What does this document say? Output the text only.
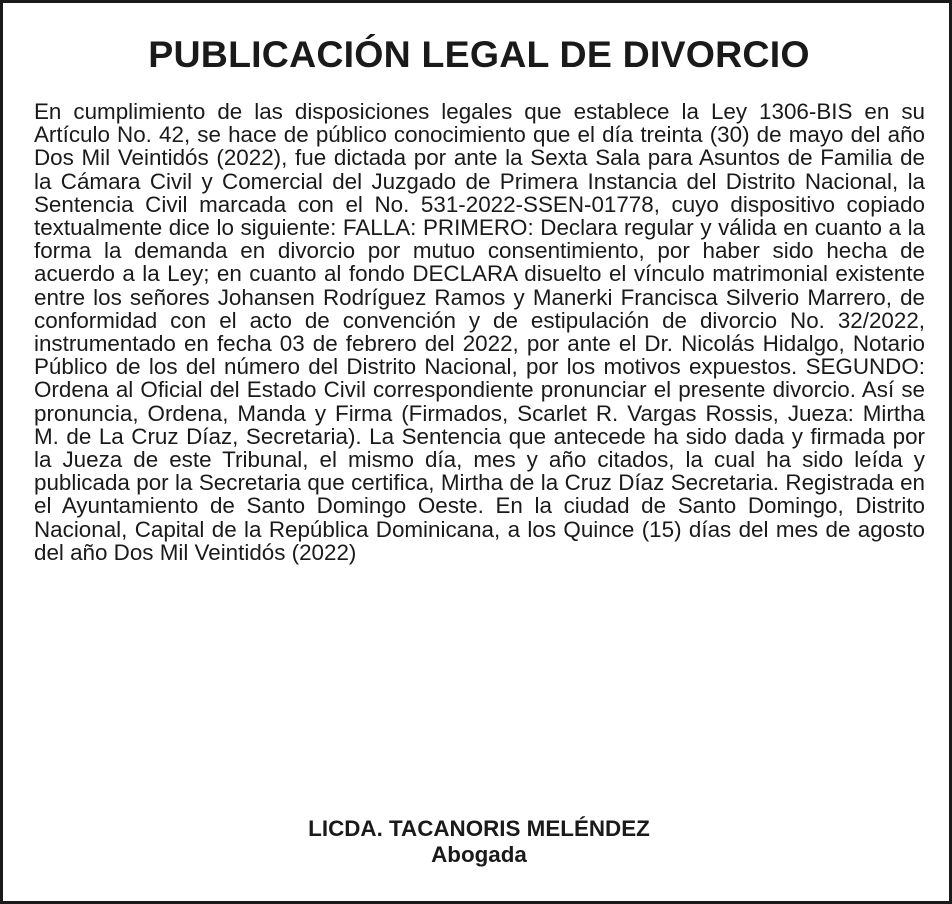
PUBLICACIÓN LEGAL DE DIVORCIO

En cumplimiento de las disposiciones legales que establece la Ley 1306-BIS en su Artículo No. 42, se hace de público conocimiento que el día treinta (30) de mayo del año Dos Mil Veintidós (2022), fue dictada por ante la Sexta Sala para Asuntos de Familia de la Cámara Civil y Comercial del Juzgado de Primera Instancia del Distrito Nacional, la Sentencia Civil marcada con el No. 531-2022-SSEN-01778, cuyo dispositivo copiado textualmente dice lo siguiente: FALLA: PRIMERO: Declara regular y válida en cuanto a la forma la demanda en divorcio por mutuo consentimiento, por haber sido hecha de acuerdo a la Ley; en cuanto al fondo DECLARA disuelto el vínculo matrimonial existente entre los señores Johansen Rodríguez Ramos y Manerki Francisca Silverio Marrero, de conformidad con el acto de convención y de estipulación de divorcio No. 32/2022, instrumentado en fecha 03 de febrero del 2022, por ante el Dr. Nicolás Hidalgo, Notario Público de los del número del Distrito Nacional, por los motivos expuestos. SEGUNDO: Ordena al Oficial del Estado Civil correspondiente pronunciar el presente divorcio. Así se pronuncia, Ordena, Manda y Firma (Firmados, Scarlet R. Vargas Rossis, Jueza: Mirtha M. de La Cruz Díaz, Secretaria). La Sentencia que antecede ha sido dada y firmada por la Jueza de este Tribunal, el mismo día, mes y año citados, la cual ha sido leída y publicada por la Secretaria que certifica, Mirtha de la Cruz Díaz Secretaria. Registrada en el Ayuntamiento de Santo Domingo Oeste. En la ciudad de Santo Domingo, Distrito Nacional, Capital de la República Dominicana, a los Quince (15) días del mes de agosto del año Dos Mil Veintidós (2022)

LICDA. TACANORIS MELÉNDEZ
Abogada
